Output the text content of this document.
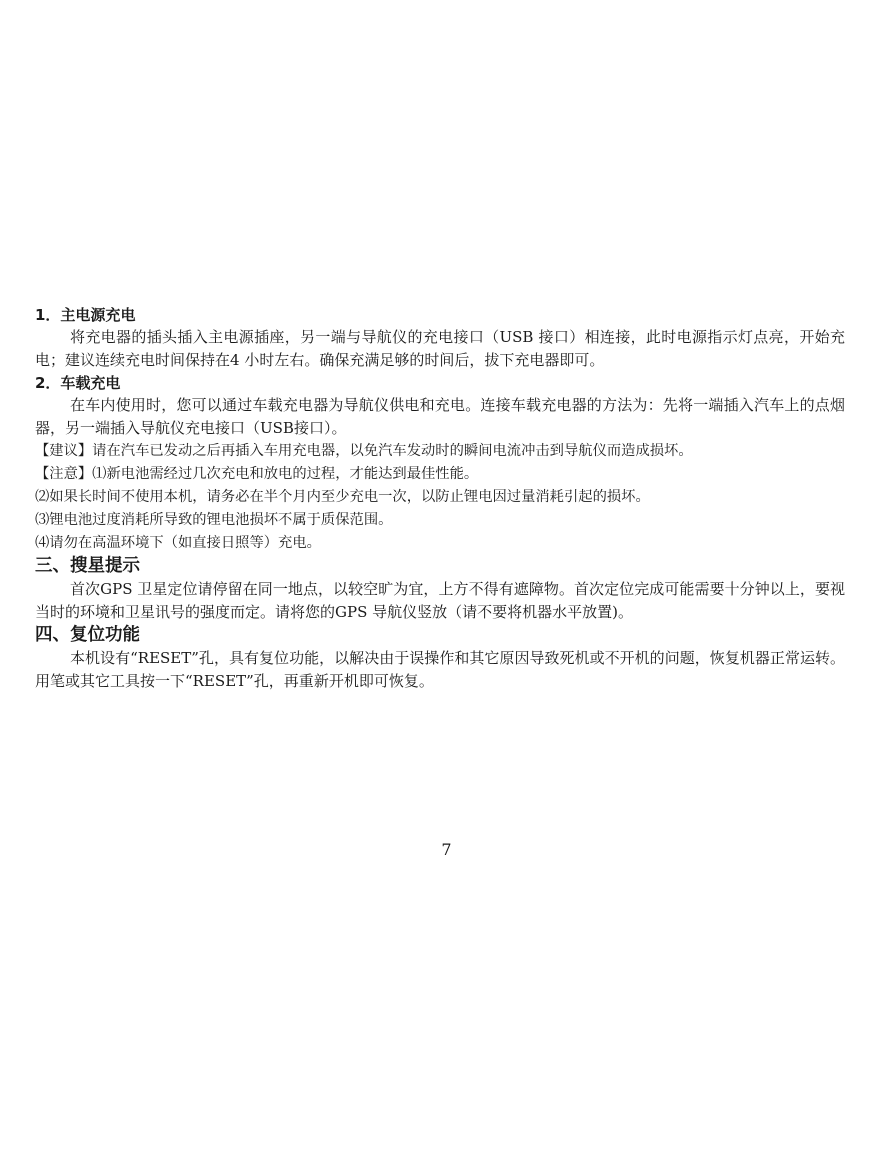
1．主电源充电

将充电器的插头插入主电源插座，另一端与导航仪的充电接口（USB 接口）相连接，此时电源指示灯点亮，开始充电；建议连续充电时间保持在4 小时左右。确保充满足够的时间后，拔下充电器即可。

2．车载充电

在车内使用时，您可以通过车载充电器为导航仪供电和充电。连接车载充电器的方法为：先将一端插入汽车上的点烟器，另一端插入导航仪充电接口（USB接口）。

【建议】请在汽车已发动之后再插入车用充电器，以免汽车发动时的瞬间电流冲击到导航仪而造成损坏。

【注意】⑴新电池需经过几次充电和放电的过程，才能达到最佳性能。

⑵如果长时间不使用本机，请务必在半个月内至少充电一次，以防止锂电因过量消耗引起的损坏。

⑶锂电池过度消耗所导致的锂电池损坏不属于质保范围。

⑷请勿在高温环境下（如直接日照等）充电。

三、搜星提示

首次GPS 卫星定位请停留在同一地点，以较空旷为宜，上方不得有遮障物。首次定位完成可能需要十分钟以上，要视当时的环境和卫星讯号的强度而定。请将您的GPS 导航仪竖放（请不要将机器水平放置)。

四、复位功能

本机设有“RESET”孔，具有复位功能，以解决由于误操作和其它原因导致死机或不开机的问题，恢复机器正常运转。用笔或其它工具按一下“RESET”孔，再重新开机即可恢复。

7
